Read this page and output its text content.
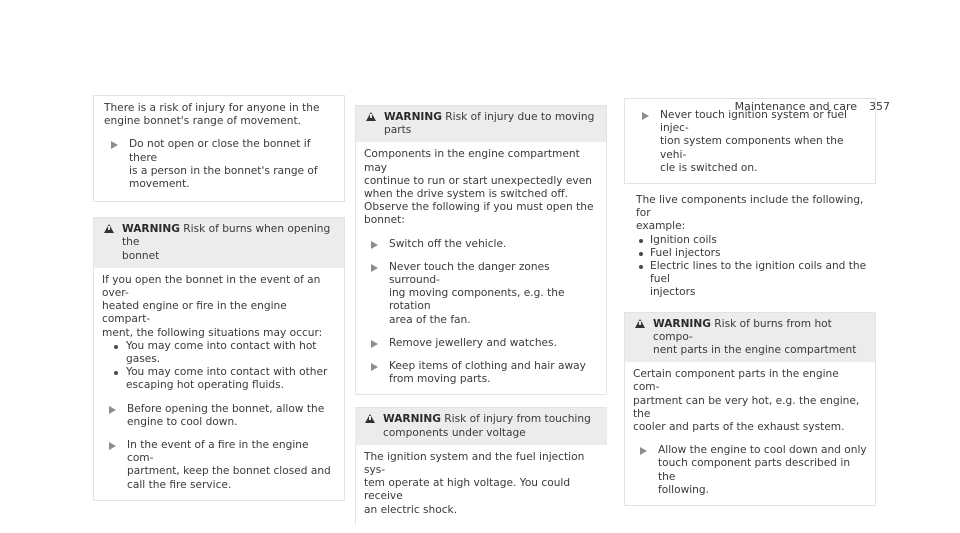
Maintenance and care 357
There is a risk of injury for anyone in the
engine bonnet's range of movement.
Do not open or close the bonnet if there
is a person in the bonnet's range of
movement.
WARNING Risk of burns when opening the
bonnet
If you open the bonnet in the event of an over-
heated engine or fire in the engine compart-
ment, the following situations may occur:
You may come into contact with hot gases.
You may come into contact with other
escaping hot operating fluids.
Before opening the bonnet, allow the
engine to cool down.
In the event of a fire in the engine com-
partment, keep the bonnet closed and
call the fire service.
WARNING Risk of injury due to moving
parts
Components in the engine compartment may
continue to run or start unexpectedly even
when the drive system is switched off.
Observe the following if you must open the
bonnet:
Switch off the vehicle.
Never touch the danger zones surround-
ing moving components, e.g. the rotation
area of the fan.
Remove jewellery and watches.
Keep items of clothing and hair away
from moving parts.
WARNING Risk of injury from touching
components under voltage
The ignition system and the fuel injection sys-
tem operate at high voltage. You could receive
an electric shock.
Never touch ignition system or fuel injec-
tion system components when the vehi-
cle is switched on.
The live components include the following, for
example:
Ignition coils
Fuel injectors
Electric lines to the ignition coils and the fuel
injectors
WARNING Risk of burns from hot compo-
nent parts in the engine compartment
Certain component parts in the engine com-
partment can be very hot, e.g. the engine, the
cooler and parts of the exhaust system.
Allow the engine to cool down and only
touch component parts described in the
following.
